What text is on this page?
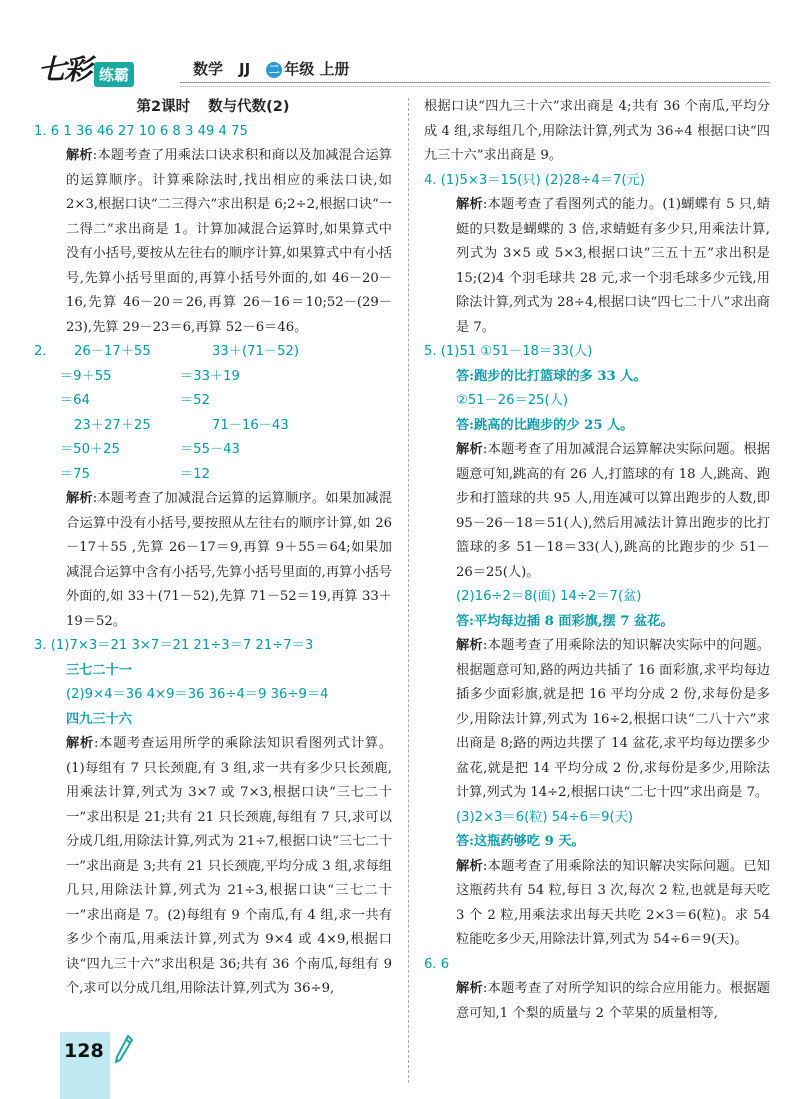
七彩 练霸	数学 JJ 二 年级 上册

第2课时 数与代数(2)

1. 6 1 36 46 27 10 6 8 3 49 4 75

解析:本题考查了用乘法口诀求积和商以及加减混合运算的运算顺序。计算乘除法时,找出相应的乘法口诀,如 2×3,根据口诀“二三得六”求出积是 6;2÷2,根据口诀“一二得二”求出商是 1。计算加减混合运算时,如果算式中没有小括号,要按从左往右的顺序计算,如果算式中有小括号,先算小括号里面的,再算小括号外面的,如 46－20－16,先算 46－20＝26,再算 26－16＝10;52－(29－23),先算 29－23＝6,再算 52－6＝46。

2.	26－17＋55	33＋(71－52)
＝9＋55	＝33＋19
＝64	＝52
23＋27＋25	71－16－43
＝50＋25	＝55－43
＝75	＝12

解析:本题考查了加减混合运算的运算顺序。如果加减混合运算中没有小括号,要按照从左往右的顺序计算,如 26－17＋55 ,先算 26－17＝9,再算 9＋55＝64;如果加减混合运算中含有小括号,先算小括号里面的,再算小括号外面的,如 33＋(71－52),先算 71－52＝19,再算 33＋19＝52。

3. (1)7×3＝21 3×7＝21 21÷3＝7 21÷7＝3

三七二十一

(2)9×4＝36 4×9＝36 36÷4＝9 36÷9＝4

四九三十六

解析:本题考查运用所学的乘除法知识看图列式计算。(1)每组有 7 只长颈鹿,有 3 组,求一共有多少只长颈鹿,用乘法计算,列式为 3×7 或 7×3,根据口诀“三七二十一”求出积是 21;共有 21 只长颈鹿,每组有 7 只,求可以分成几组,用除法计算,列式为 21÷7,根据口诀“三七二十一”求出商是 3;共有 21 只长颈鹿,平均分成 3 组,求每组几只,用除法计算,列式为 21÷3,根据口诀“三七二十一”求出商是 7。(2)每组有 9 个南瓜,有 4 组,求一共有多少个南瓜,用乘法计算,列式为 9×4 或 4×9,根据口诀“四九三十六”求出积是 36;共有 36 个南瓜,每组有 9 个,求可以分成几组,用除法计算,列式为 36÷9,

根据口诀“四九三十六”求出商是 4;共有 36 个南瓜,平均分成 4 组,求每组几个,用除法计算,列式为 36÷4 根据口诀“四九三十六”求出商是 9。

4. (1)5×3＝15(只) (2)28÷4＝7(元)

解析:本题考查了看图列式的能力。(1)蝴蝶有 5 只,蜻蜓的只数是蝴蝶的 3 倍,求蜻蜓有多少只,用乘法计算,列式为 3×5 或 5×3,根据口诀“三五十五”求出积是 15;(2)4 个羽毛球共 28 元,求一个羽毛球多少元钱,用除法计算,列式为 28÷4,根据口诀“四七二十八”求出商是 7。

5. (1)51 ①51－18＝33(人)

答:跑步的比打篮球的多 33 人。

②51－26＝25(人)

答:跳高的比跑步的少 25 人。

解析:本题考查了用加减混合运算解决实际问题。根据题意可知,跳高的有 26 人,打篮球的有 18 人,跳高、跑步和打篮球的共 95 人,用连减可以算出跑步的人数,即 95－26－18＝51(人),然后用减法计算出跑步的比打篮球的多 51－18＝33(人),跳高的比跑步的少 51－26＝25(人)。

(2)16÷2＝8(面) 14÷2＝7(盆)

答:平均每边插 8 面彩旗,摆 7 盆花。

解析:本题考查了用乘除法的知识解决实际中的问题。根据题意可知,路的两边共插了 16 面彩旗,求平均每边插多少面彩旗,就是把 16 平均分成 2 份,求每份是多少,用除法计算,列式为 16÷2,根据口诀“二八十六”求出商是 8;路的两边共摆了 14 盆花,求平均每边摆多少盆花,就是把 14 平均分成 2 份,求每份是多少,用除法计算,列式为 14÷2,根据口诀“二七十四”求出商是 7。

(3)2×3＝6(粒) 54÷6＝9(天)

答:这瓶药够吃 9 天。

解析:本题考查了用乘除法的知识解决实际问题。已知这瓶药共有 54 粒,每日 3 次,每次 2 粒,也就是每天吃 3 个 2 粒,用乘法求出每天共吃 2×3＝6(粒)。求 54 粒能吃多少天,用除法计算,列式为 54÷6＝9(天)。

6. 6

解析:本题考查了对所学知识的综合应用能力。根据题意可知,1 个梨的质量与 2 个苹果的质量相等,

128
